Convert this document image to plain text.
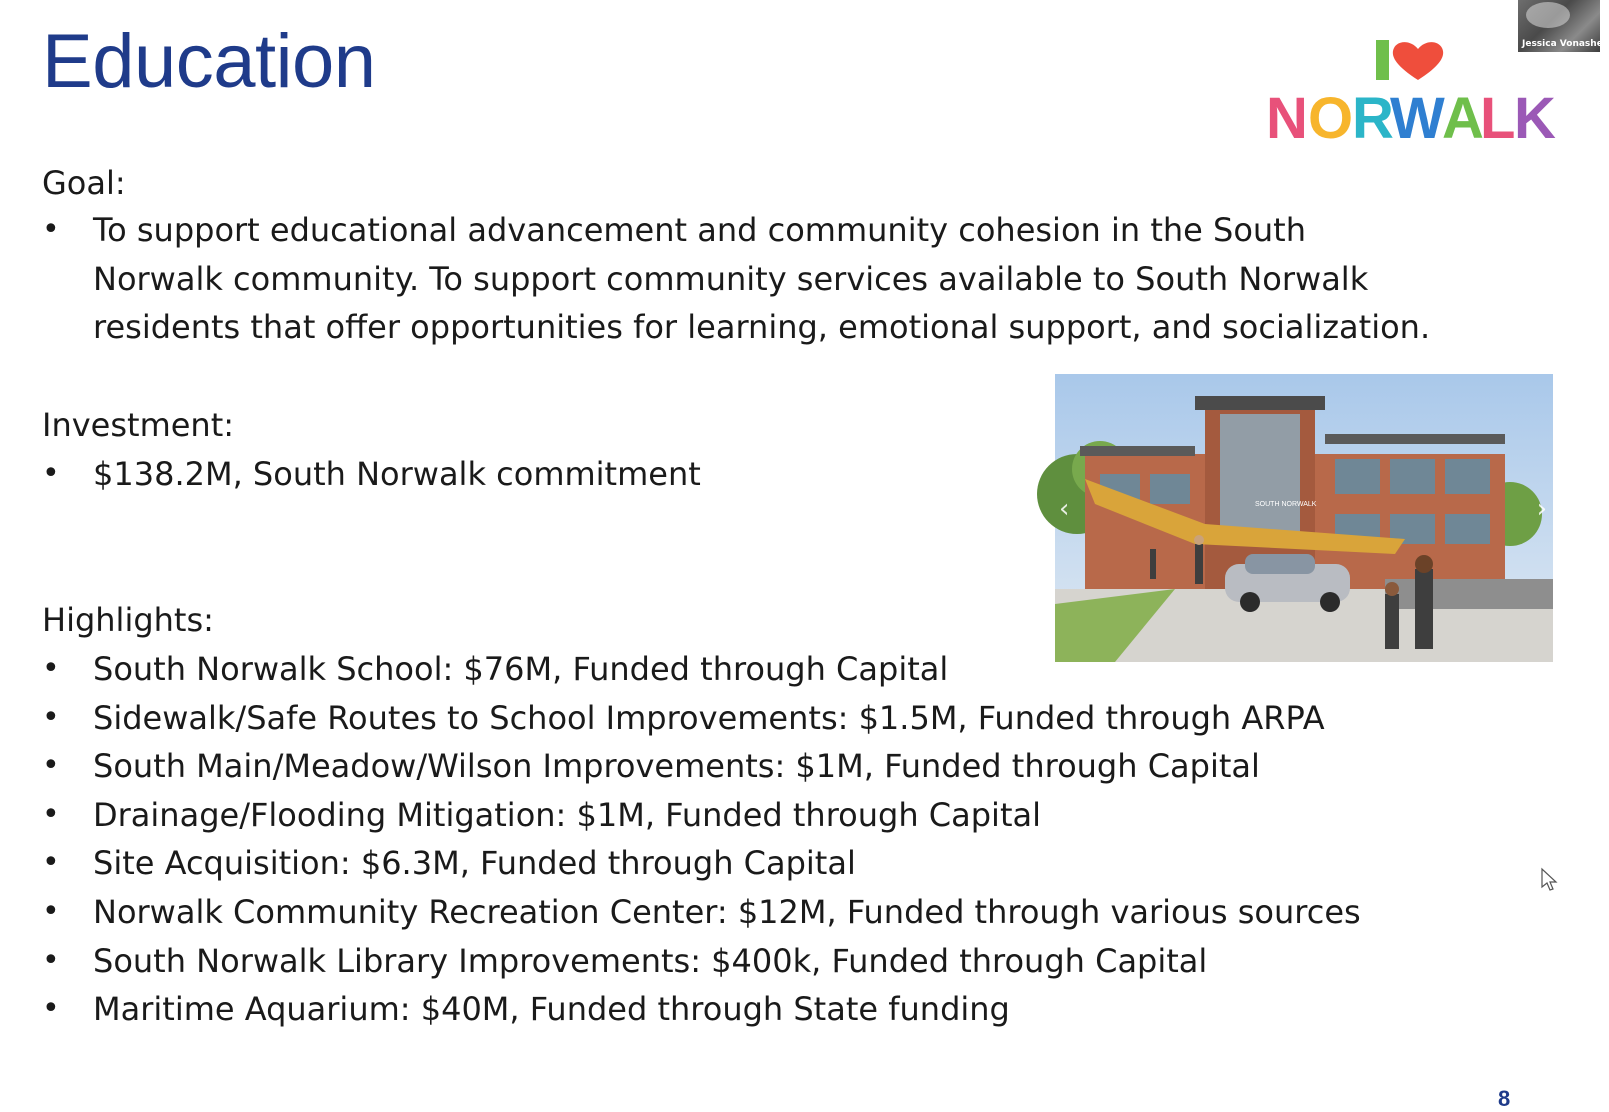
Education
N O
R
W
A
L
K
Jessica Vonashek

Goal:

• To support educational advancement and community cohesion in the South
Norwalk community. To support community services available to South Norwalk
residents that offer opportunities for learning, emotional support, and socialization.

Investment:

• $138.2M, South Norwalk commitment

Highlights:

• South Norwalk School: $76M, Funded through Capital
• Sidewalk/Safe Routes to School Improvements: $1.5M, Funded through ARPA
• South Main/Meadow/Wilson Improvements: $1M, Funded through Capital
• Drainage/Flooding Mitigation: $1M, Funded through Capital
• Site Acquisition: $6.3M, Funded through Capital
• Norwalk Community Recreation Center: $12M, Funded through various sources
• South Norwalk Library Improvements: $400k, Funded through Capital
• Maritime Aquarium: $40M, Funded through State funding
SOUTH NORWALK
‹	›
8
